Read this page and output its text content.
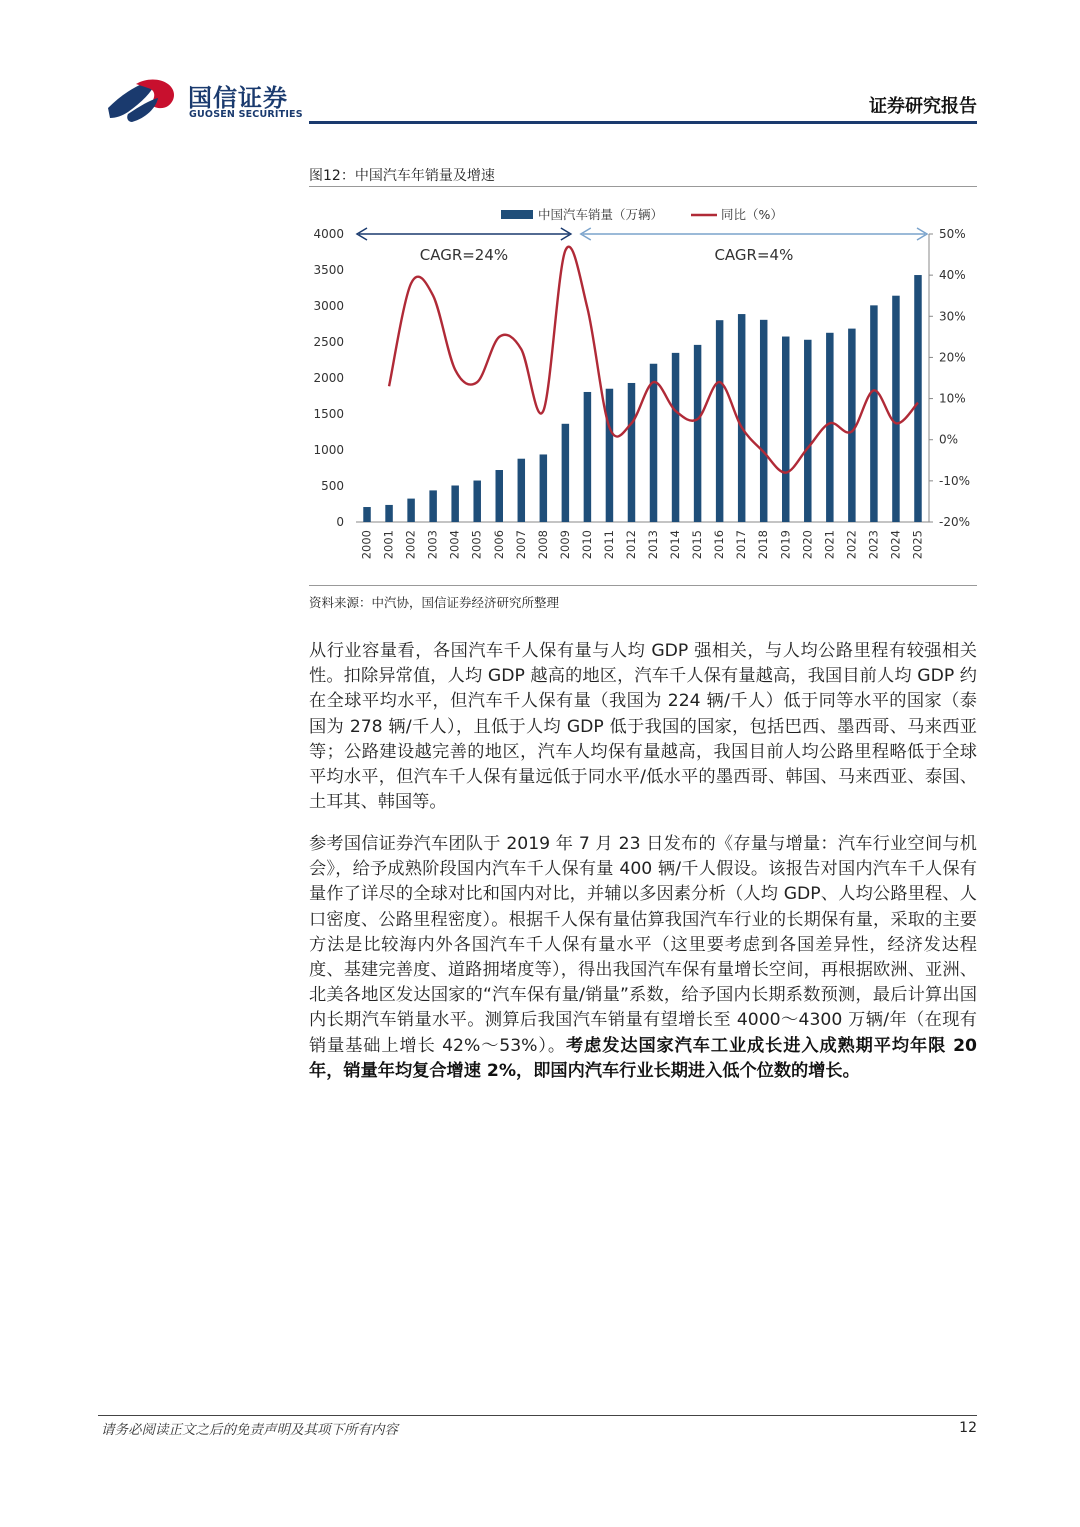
国信证券
GUOSEN SECURITIES	证券研究报告
图12：中国汽车年销量及增速
0
500
1000
1500
2000
2500
3000
3500
4000
-20%
-10%
0%
10%
20%
30%
40%
50%
2000 2001 2002 2003 2004 2005 2006 2007 2008 2009 2010 2011 2012 2013 2014 2015 2016 2017 2018 2019 2020 2021 2022 2023 2024 2025
中国汽车销量（万辆）	同比（%）
CAGR=24%	CAGR=4%
资料来源：中汽协，国信证券经济研究所整理

从行业容量看，各国汽车千人保有量与人均 GDP 强相关，与人均公路里程有较强相关性。扣除异常值，人均 GDP 越高的地区，汽车千人保有量越高，我国目前人均 GDP 约在全球平均水平，但汽车千人保有量（我国为 224 辆/千人）低于同等水平的国家（泰国为 278 辆/千人），且低于人均 GDP 低于我国的国家，包括巴西、墨西哥、马来西亚等；公路建设越完善的地区，汽车人均保有量越高，我国目前人均公路里程略低于全球平均水平，但汽车千人保有量远低于同水平/低水平的墨西哥、韩国、马来西亚、泰国、土耳其、韩国等。

参考国信证券汽车团队于 2019 年 7 月 23 日发布的《存量与增量：汽车行业空间与机会》，给予成熟阶段国内汽车千人保有量 400 辆/千人假设。该报告对国内汽车千人保有量作了详尽的全球对比和国内对比，并辅以多因素分析（人均 GDP、人均公路里程、人口密度、公路里程密度）。根据千人保有量估算我国汽车行业的长期保有量，采取的主要方法是比较海内外各国汽车千人保有量水平（这里要考虑到各国差异性，经济发达程度、基建完善度、道路拥堵度等），得出我国汽车保有量增长空间，再根据欧洲、亚洲、北美各地区发达国家的“汽车保有量/销量”系数，给予国内长期系数预测，最后计算出国内长期汽车销量水平。测算后我国汽车销量有望增长至 4000～4300 万辆/年（在现有销量基础上增长 42%～53%）。考虑发达国家汽车工业成长进入成熟期平均年限 20 年，销量年均复合增速 2%，即国内汽车行业长期进入低个位数的增长。

请务必阅读正文之后的免责声明及其项下所有内容	12
